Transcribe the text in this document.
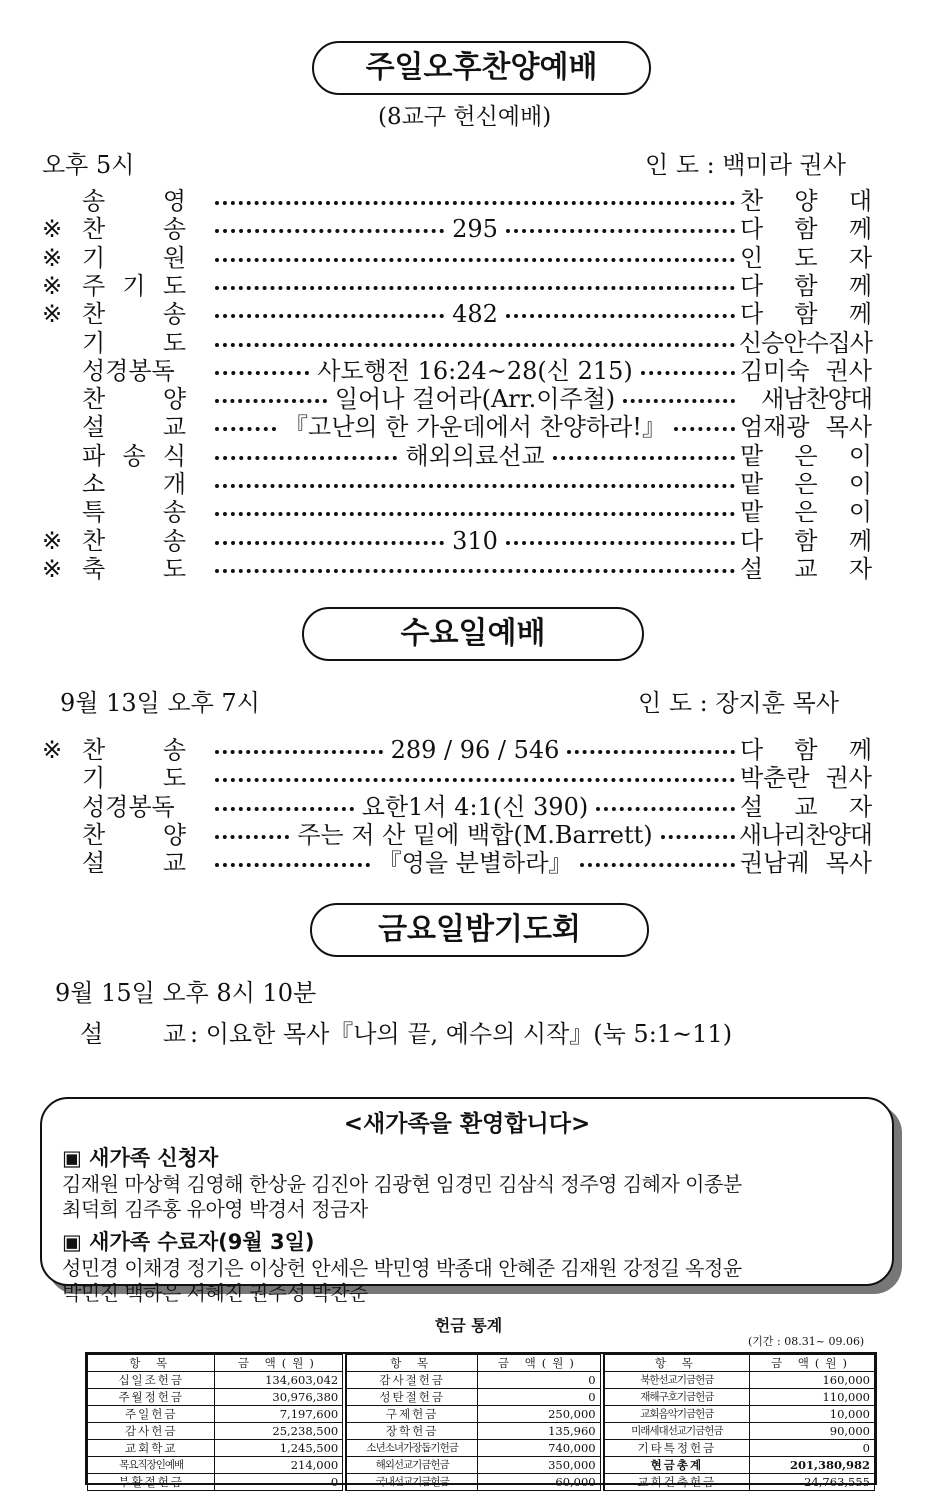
주일오후찬양예배
(8교구 헌신예배)
오후 5시	인 도 : 백미라 권사
송 영	찬 양 대
※ 찬 송	295	다 함 께
※ 기 원	인 도 자
※ 주 기 도	다 함 께
※ 찬 송	482	다 함 께
기 도	신승안수집사
성경봉독	사도행전 16:24~28(신 215)	김미숙 권사
찬 양	일어나 걸어라(Arr.이주철)	새남찬양대
설 교	『고난의 한 가운데에서 찬양하라!』	엄재광 목사
파 송 식	해외의료선교	맡 은 이
소 개	맡 은 이
특 송	맡 은 이
※ 찬 송	310	다 함 께
※ 축 도	설 교 자
수요일예배
9월 13일 오후 7시	인 도 : 장지훈 목사
※ 찬 송	289 / 96 / 546	다 함 께
기 도	박춘란 권사
성경봉독	요한1서 4:1(신 390)	설 교 자
찬 양	주는 저 산 밑에 백합(M.Barrett)	새나리찬양대
설 교	『영을 분별하라』	권남궤 목사
금요일밤기도회
9월 15일 오후 8시 10분
설 교
: 이요한 목사『나의 끝, 예수의 시작』(눅 5:1~11)
<새가족을 환영합니다>
▣ 새가족 신청자
김재원 마상혁 김영해 한상윤 김진아 김광현 임경민 김삼식 정주영 김혜자 이종분
최덕희 김주홍 유아영 박경서 정금자
▣ 새가족 수료자(9월 3일)
성민경 이채경 정기은 이상헌 안세은 박민영 박종대 안혜준 김재원 강정길 옥정윤
박민진 백하은 서혜진 권주성 박찬준
헌금 통계
(기간 : 08.31~ 09.06)
항 목	금 액(원)
십일조헌금	134,603,042
주월정헌금	30,976,380
주일헌금	7,197,600
감사헌금	25,238,500
교회학교	1,245,500
목요직장인예배	214,000
부활절헌금	0
항 목	금 액(원)
감사절헌금	0
성탄절헌금	0
구제헌금	250,000
장학헌금	135,960
소년소녀가장돕기헌금	740,000
해외선교기금헌금	350,000
국내선교기금헌금	60,000
항 목	금 액(원)
북한선교기금헌금	160,000
재해구호기금헌금	110,000
교회음악기금헌금	10,000
미래세대선교기금헌금	90,000
기타특정헌금	0
현금총계	201,380,982
교회건축헌금	24,763,555
